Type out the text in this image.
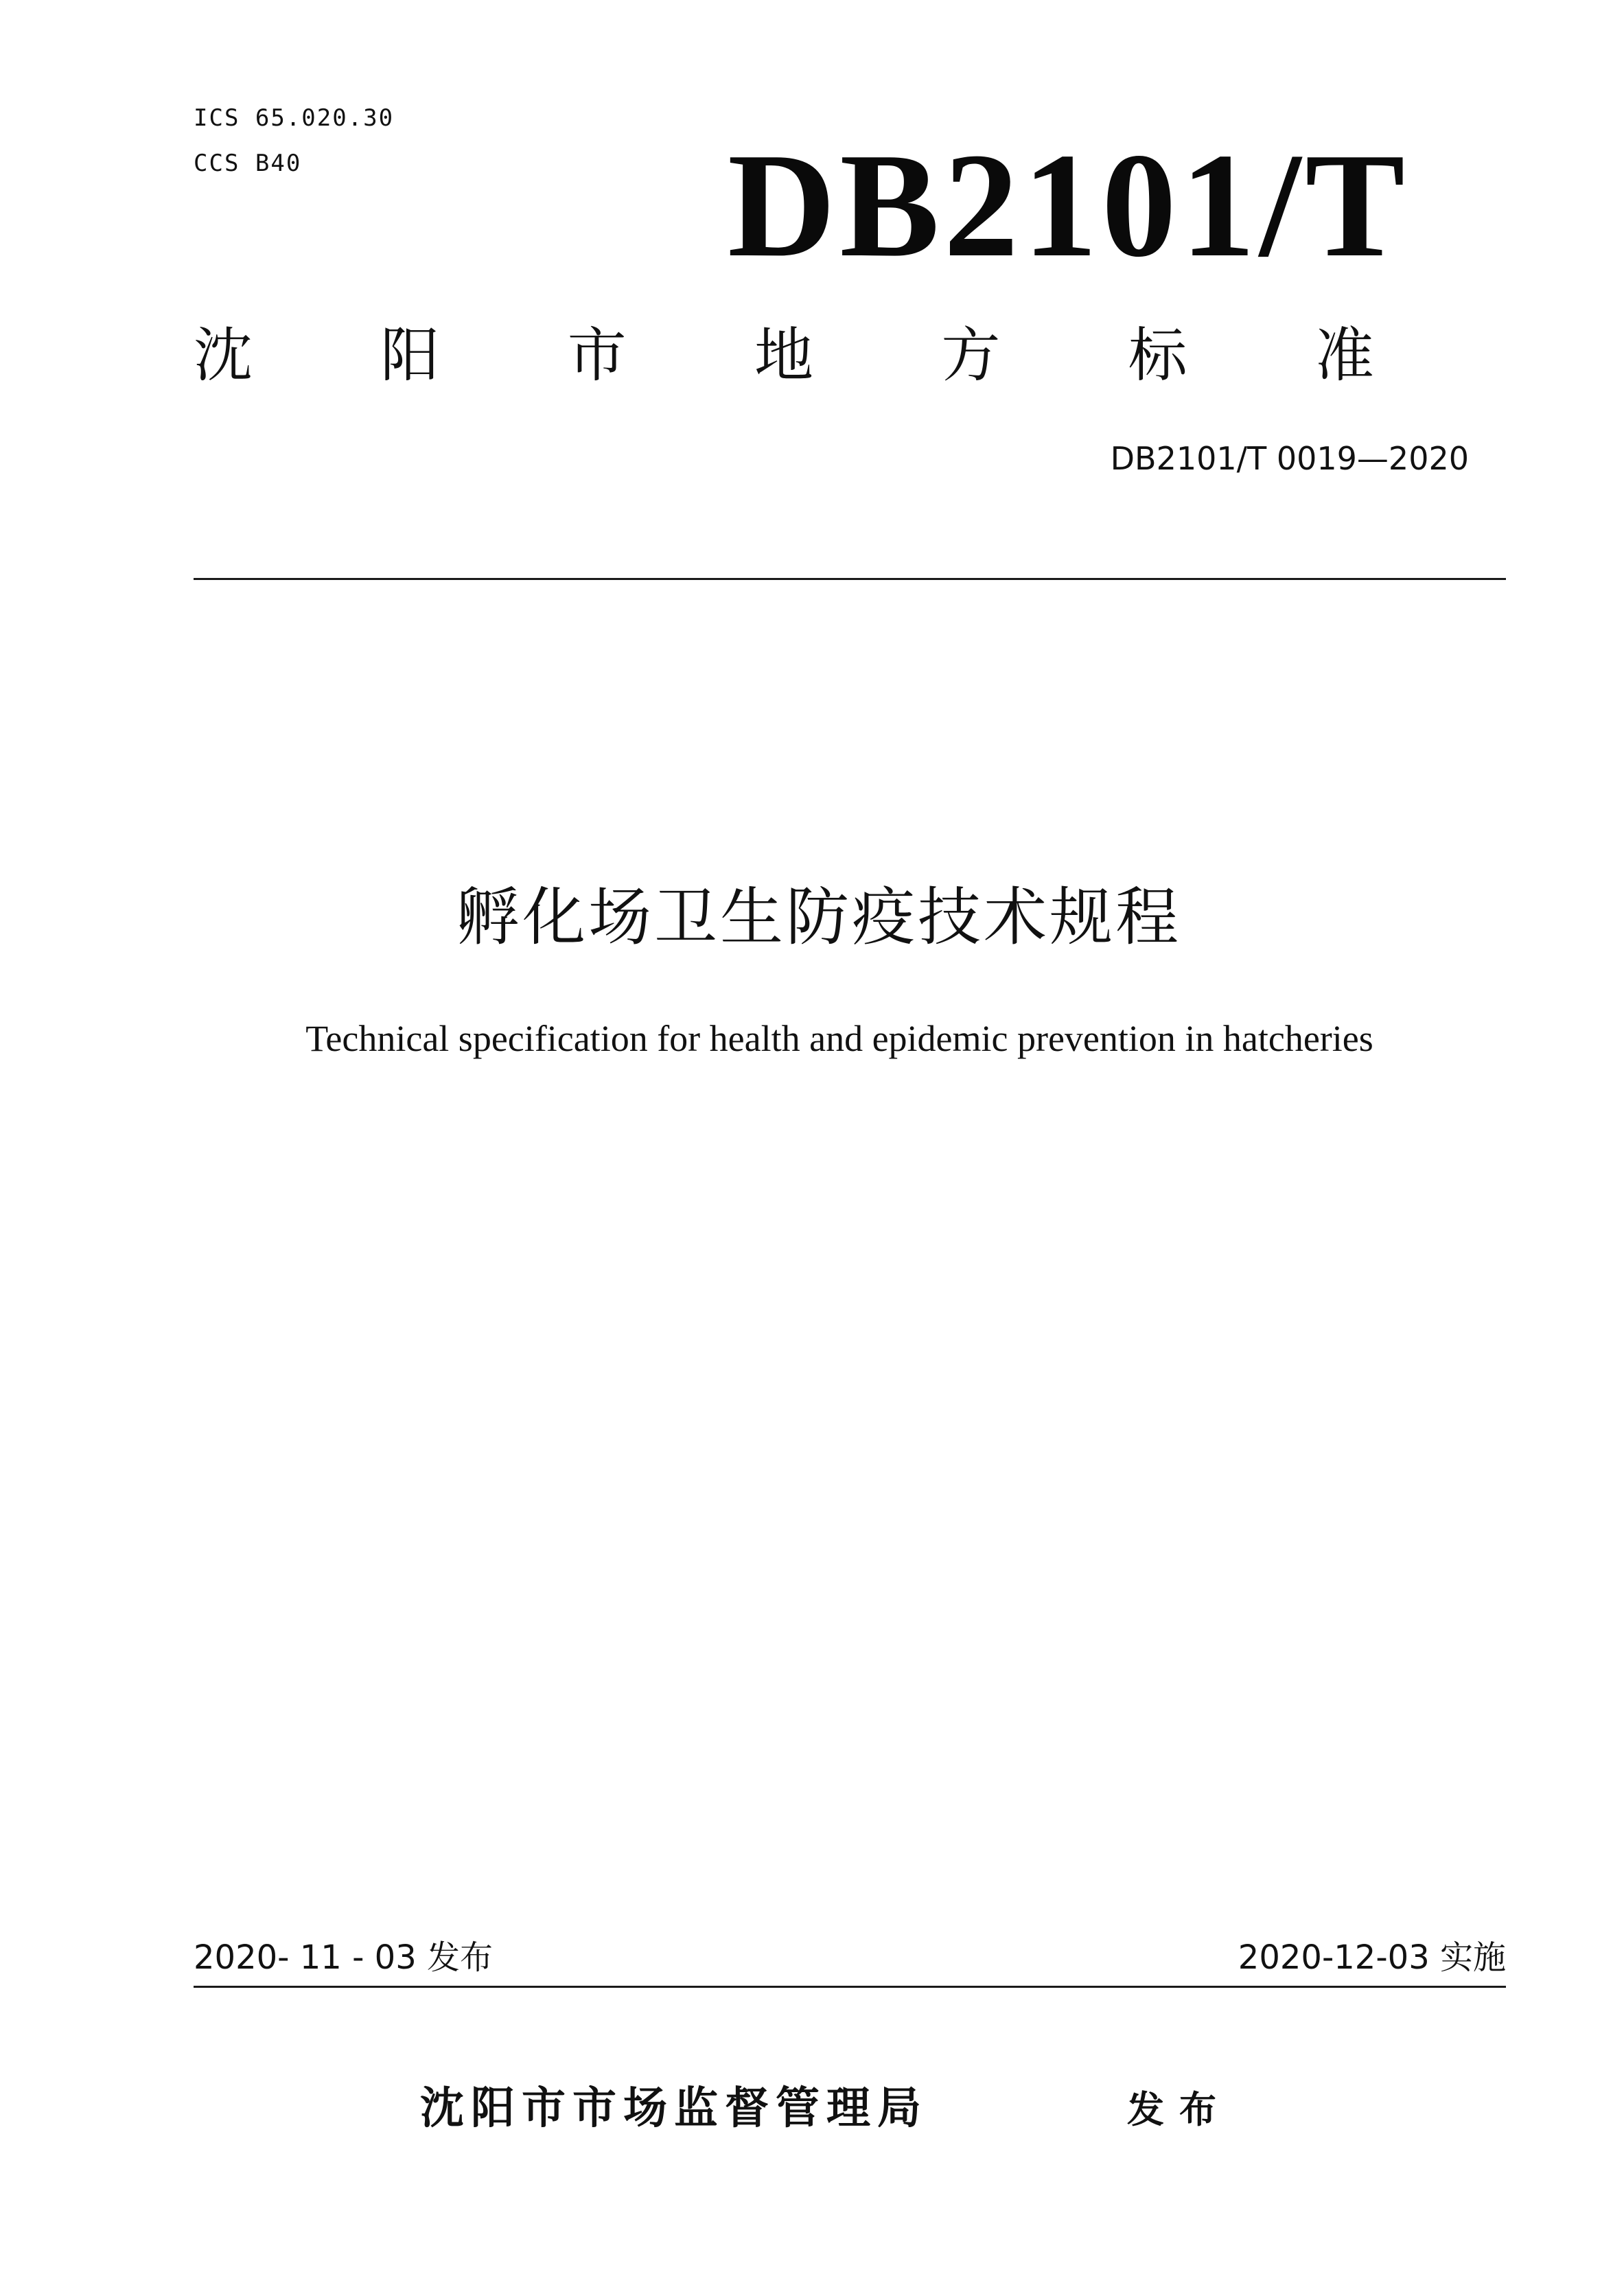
ICS 65.020.30
CCS B40	DB2101/T
沈 阳 市 地 方 标 准
DB2101/T 0019—2020
孵化场卫生防疫技术规程
Technical specification for health and epidemic prevention in hatcheries
2020- 11 - 03 发布	2020-12-03 实施
沈阳市市场监督管理局	发布
